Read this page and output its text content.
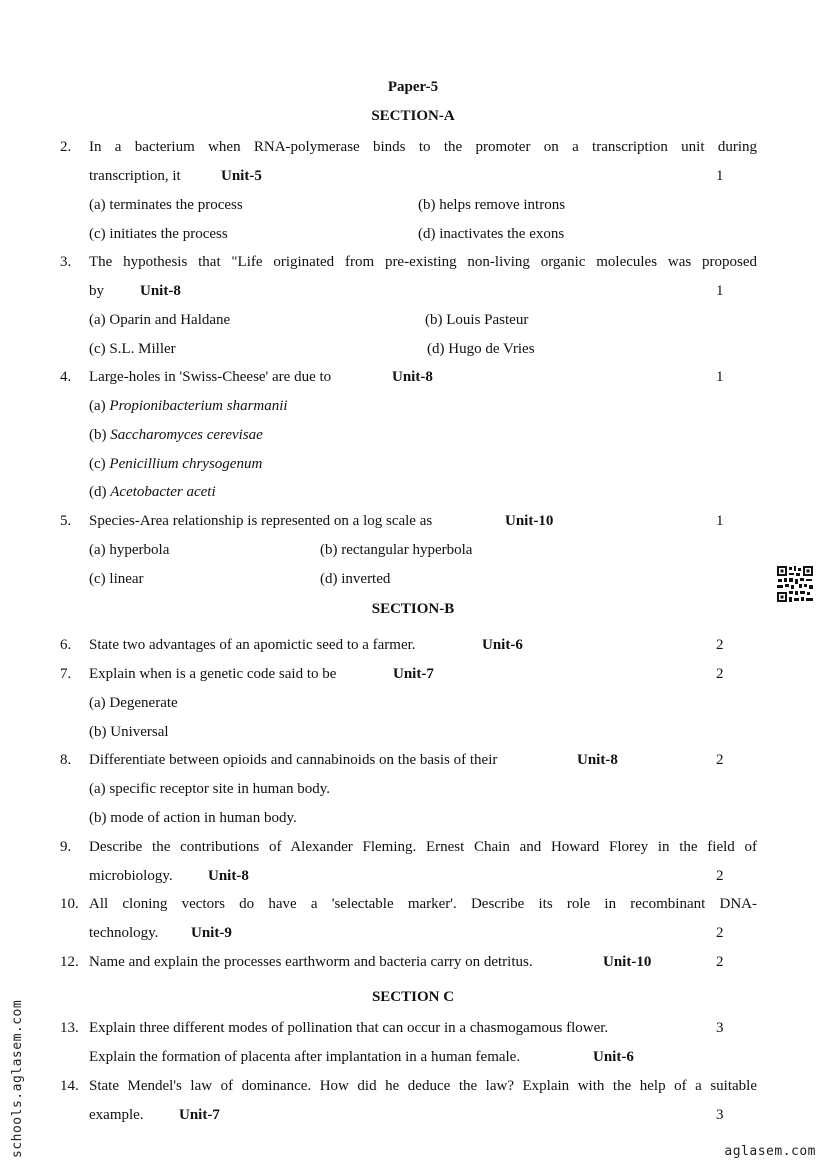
Paper-5
SECTION-A
2. In a bacterium when RNA-polymerase binds to the promoter on a transcription unit during
transcription, it	Unit-5	1
(a) terminates the process	(b) helps remove introns
(c) initiates the process	(d) inactivates the exons
3. The hypothesis that "Life originated from pre-existing non-living organic molecules was proposed
by Unit-8	1
(a) Oparin and Haldane	(b) Louis Pasteur
(c) S.L. Miller	(d) Hugo de Vries
4. Large-holes in 'Swiss-Cheese' are due to	Unit-8	1
(a) Propionibacterium sharmanii
(b) Saccharomyces cerevisae
(c) Penicillium chrysogenum
(d) Acetobacter aceti
5. Species-Area relationship is represented on a log scale as	Unit-10	1
(a) hyperbola	(b) rectangular hyperbola
(c) linear	(d) inverted
SECTION-B
6. State two advantages of an apomictic seed to a farmer.	Unit-6	2
7. Explain when is a genetic code said to be	Unit-7	2
(a) Degenerate
(b) Universal
8. Differentiate between opioids and cannabinoids on the basis of their	Unit-8	2
(a) specific receptor site in human body.
(b) mode of action in human body.
9. Describe the contributions of Alexander Fleming. Ernest Chain and Howard Florey in the field of
microbiology. Unit-8	2
10. All cloning vectors do have a 'selectable marker'. Describe its role in recombinant DNA-
technology. Unit-9	2
12. Name and explain the processes earthworm and bacteria carry on detritus.	Unit-10	2
SECTION C
13. Explain three different modes of pollination that can occur in a chasmogamous flower.	3
Explain the formation of placenta after implantation in a human female.	Unit-6
14. State Mendel's law of dominance. How did he deduce the law? Explain with the help of a suitable
example. Unit-7	3
schools.aglasem.com	aglasem.com
